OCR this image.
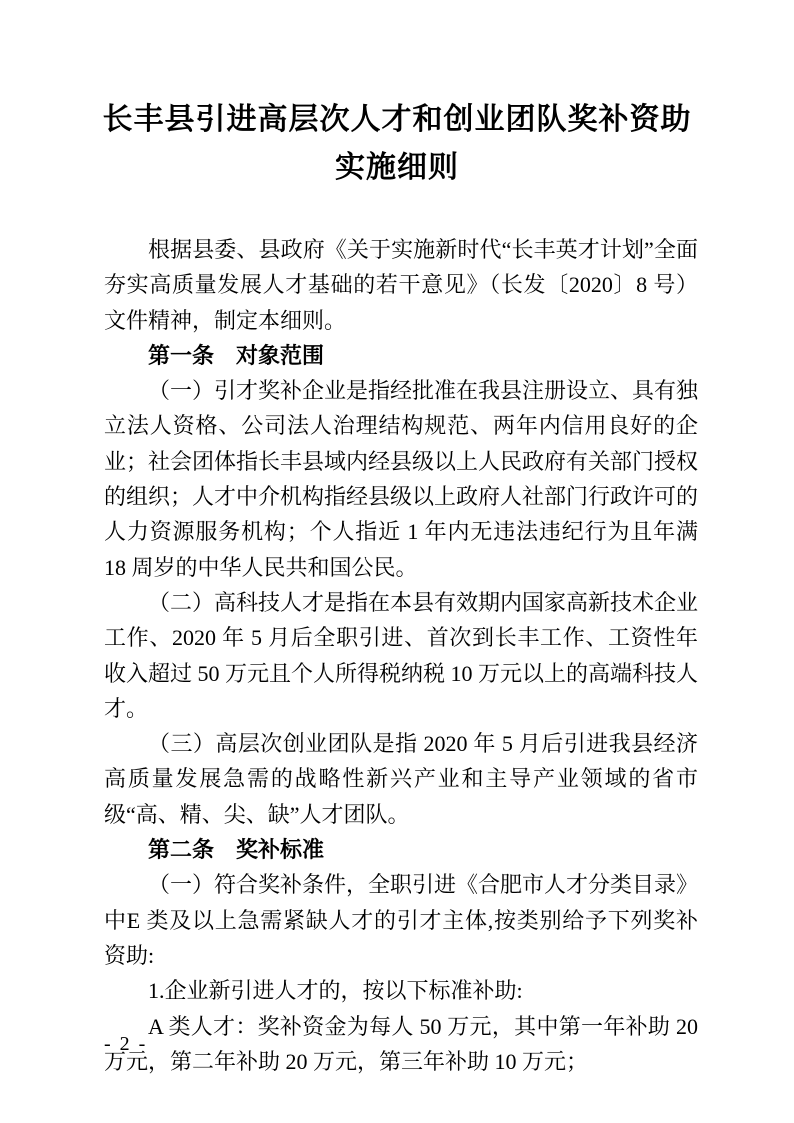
长丰县引进高层次人才和创业团队奖补资助
实施细则

根据县委、县政府《关于实施新时代“长丰英才计划”全面夯实高质量发展人才基础的若干意见》（长发〔2020〕8 号）文件精神，制定本细则。

第一条　对象范围

（一）引才奖补企业是指经批准在我县注册设立、具有独立法人资格、公司法人治理结构规范、两年内信用良好的企业；社会团体指长丰县域内经县级以上人民政府有关部门授权的组织；人才中介机构指经县级以上政府人社部门行政许可的人力资源服务机构；个人指近 1 年内无违法违纪行为且年满 18 周岁的中华人民共和国公民。

（二）高科技人才是指在本县有效期内国家高新技术企业工作、2020 年 5 月后全职引进、首次到长丰工作、工资性年收入超过 50 万元且个人所得税纳税 10 万元以上的高端科技人才。

（三）高层次创业团队是指 2020 年 5 月后引进我县经济高质量发展急需的战略性新兴产业和主导产业领域的省市级“高、精、尖、缺”人才团队。

第二条　奖补标准

（一）符合奖补条件，全职引进《合肥市人才分类目录》中E 类及以上急需紧缺人才的引才主体,按类别给予下列奖补资助:

1.企业新引进人才的，按以下标准补助:

A 类人才：奖补资金为每人 50 万元，其中第一年补助 20 万元，第二年补助 20 万元，第三年补助 10 万元；

- 2 -
